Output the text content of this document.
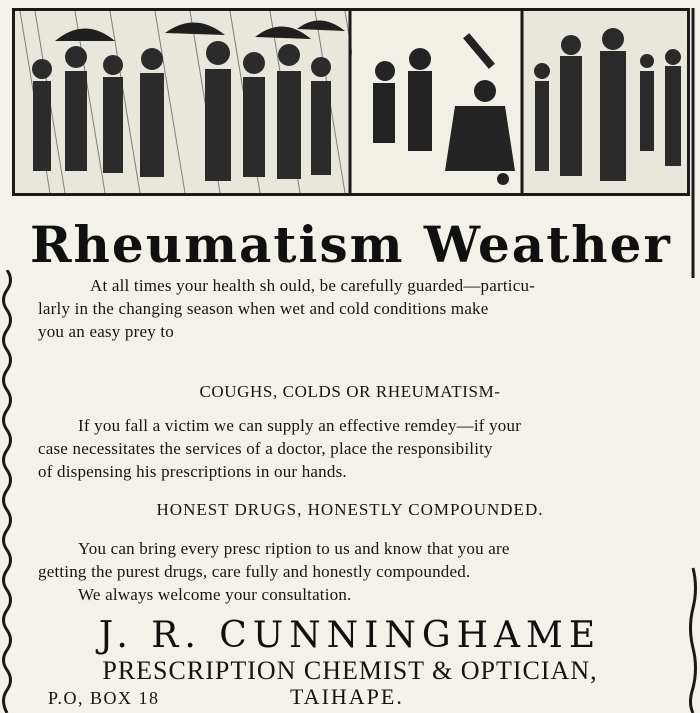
Rheumatism Weather
At all times your health sh ould, be carefully guarded—particu-
larly in the changing season when wet and cold conditions make
you an easy prey to
COUGHS, COLDS OR RHEUMATISM-
If you fall a victim we can supply an effective remdey—if your
case necessitates the services of a doctor, place the responsibility
of dispensing his prescriptions in our hands.
HONEST DRUGS, HONESTLY COMPOUNDED.
You can bring every presc ription to us and know that you are
getting the purest drugs, care fully and honestly compounded.
We always welcome your consultation.
J. R. CUNNINGHAME
PRESCRIPTION CHEMIST & OPTICIAN,
P.O, BOX 18	TAIHAPE.
